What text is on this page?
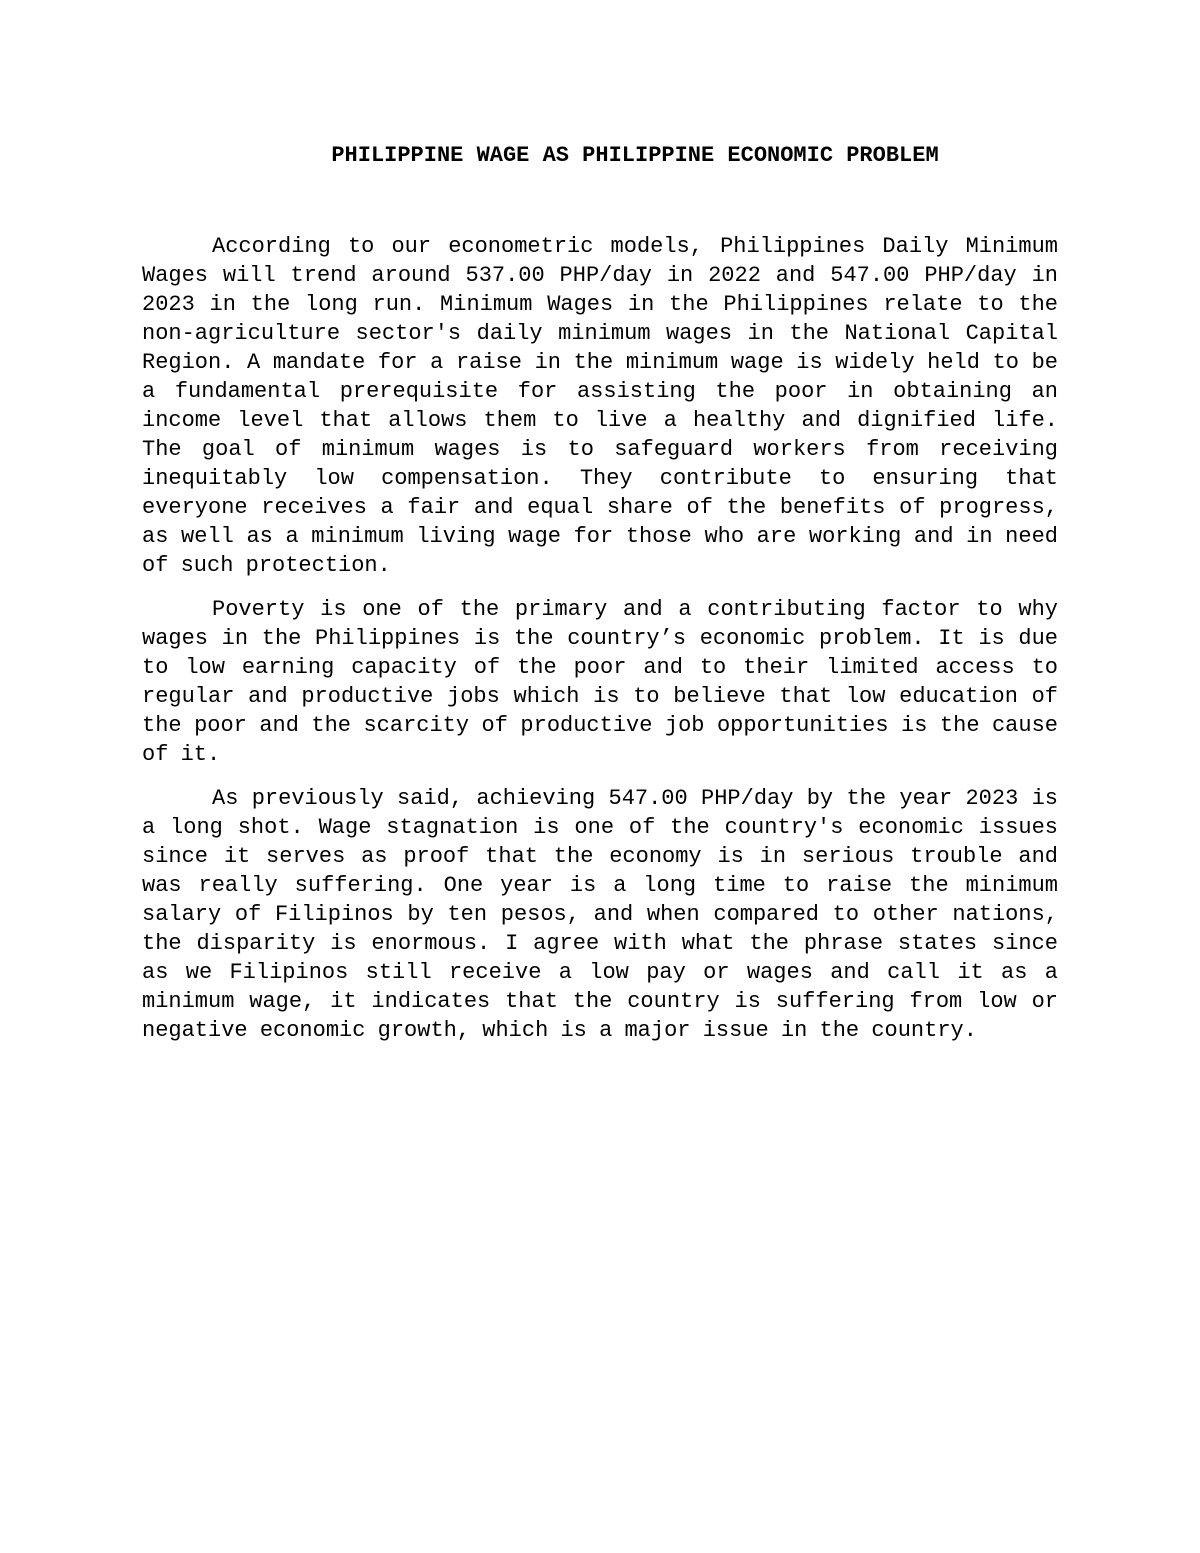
PHILIPPINE WAGE AS PHILIPPINE ECONOMIC PROBLEM

According to our econometric models, Philippines Daily Minimum Wages will trend around 537.00 PHP/day in 2022 and 547.00 PHP/day in 2023 in the long run. Minimum Wages in the Philippines relate to the non-agriculture sector's daily minimum wages in the National Capital Region. A mandate for a raise in the minimum wage is widely held to be a fundamental prerequisite for assisting the poor in obtaining an income level that allows them to live a healthy and dignified life. The goal of minimum wages is to safeguard workers from receiving inequitably low compensation. They contribute to ensuring that everyone receives a fair and equal share of the benefits of progress, as well as a minimum living wage for those who are working and in need of such protection.

Poverty is one of the primary and a contributing factor to why wages in the Philippines is the country’s economic problem. It is due to low earning capacity of the poor and to their limited access to regular and productive jobs which is to believe that low education of the poor and the scarcity of productive job opportunities is the cause of it.

As previously said, achieving 547.00 PHP/day by the year 2023 is a long shot. Wage stagnation is one of the country's economic issues since it serves as proof that the economy is in serious trouble and was really suffering. One year is a long time to raise the minimum salary of Filipinos by ten pesos, and when compared to other nations, the disparity is enormous. I agree with what the phrase states since as we Filipinos still receive a low pay or wages and call it as a minimum wage, it indicates that the country is suffering from low or negative economic growth, which is a major issue in the country.
